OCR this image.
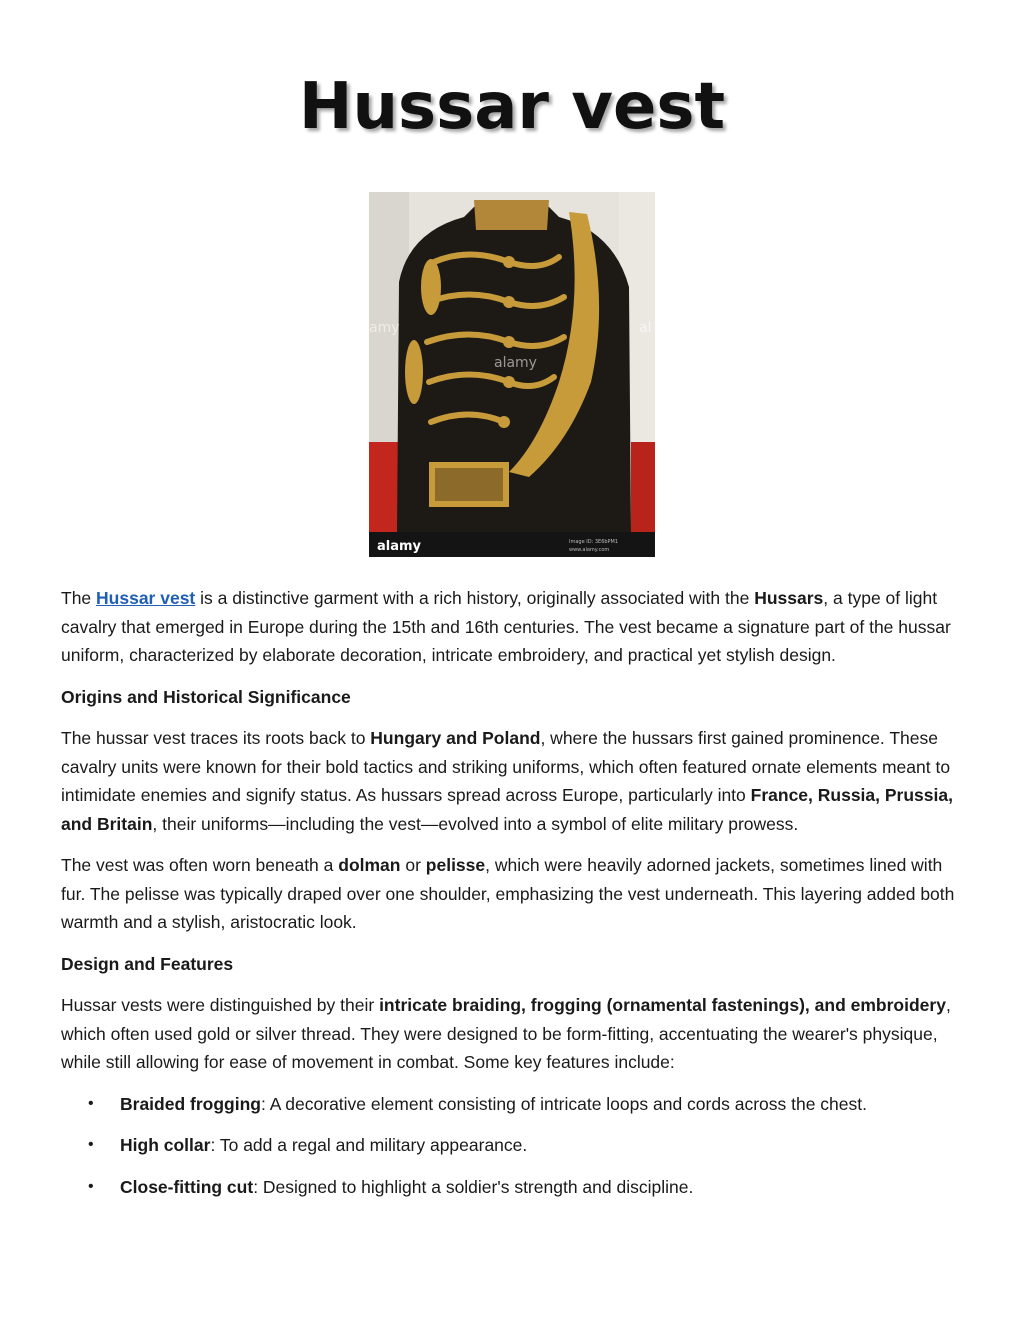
Hussar vest
alamy
amy	al
alamy	Image ID: 3E6bPM1
www.alamy.com

The Hussar vest is a distinctive garment with a rich history, originally associated with the Hussars, a type of light cavalry that emerged in Europe during the 15th and 16th centuries. The vest became a signature part of the hussar uniform, characterized by elaborate decoration, intricate embroidery, and practical yet stylish design.

Origins and Historical Significance

The hussar vest traces its roots back to Hungary and Poland, where the hussars first gained prominence. These cavalry units were known for their bold tactics and striking uniforms, which often featured ornate elements meant to intimidate enemies and signify status. As hussars spread across Europe, particularly into France, Russia, Prussia, and Britain, their uniforms—including the vest—evolved into a symbol of elite military prowess.

The vest was often worn beneath a dolman or pelisse, which were heavily adorned jackets, sometimes lined with fur. The pelisse was typically draped over one shoulder, emphasizing the vest underneath. This layering added both warmth and a stylish, aristocratic look.

Design and Features

Hussar vests were distinguished by their intricate braiding, frogging (ornamental fastenings), and embroidery, which often used gold or silver thread. They were designed to be form-fitting, accentuating the wearer's physique, while still allowing for ease of movement in combat. Some key features include:

• Braided frogging: A decorative element consisting of intricate loops and cords across the chest.
• High collar: To add a regal and military appearance.
• Close-fitting cut: Designed to highlight a soldier's strength and discipline.
